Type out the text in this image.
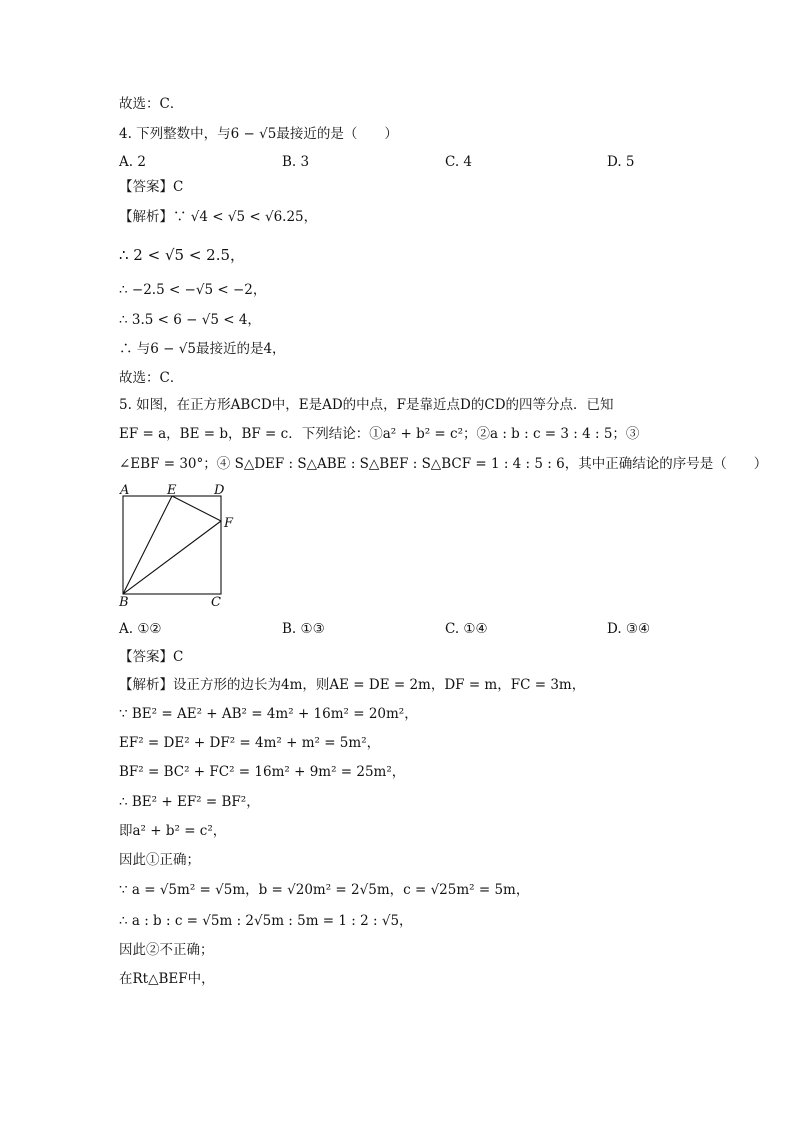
故选：C．
4. 下列整数中，与6 − √5最接近的是（　　）
A. 2	B. 3	C. 4	D. 5
【答案】C
【解析】∵ √4 < √5 < √6.25，
∴ 2 < √5 < 2.5，
∴ −2.5 < −√5 < −2，
∴ 3.5 < 6 − √5 < 4，
∴ 与6 − √5最接近的是4，
故选：C．
5. 如图，在正方形ABCD中，E是AD的中点，F是靠近点D的CD的四等分点．已知
EF = a，BE = b，BF = c．下列结论：①a² + b² = c²；②a : b : c = 3 : 4 : 5；③
∠EBF = 30°；④ S△DEF : S△ABE : S△BEF : S△BCF = 1 : 4 : 5 : 6，其中正确结论的序号是（　　）
A	E	D
F
B	C
A. ①②	B. ①③	C. ①④	D. ③④
【答案】C
【解析】设正方形的边长为4m，则AE = DE = 2m，DF = m，FC = 3m，
∵ BE² = AE² + AB² = 4m² + 16m² = 20m²，
EF² = DE² + DF² = 4m² + m² = 5m²，
BF² = BC² + FC² = 16m² + 9m² = 25m²，
∴ BE² + EF² = BF²，
即a² + b² = c²，
因此①正确；
∵ a = √5m² = √5m，b = √20m² = 2√5m，c = √25m² = 5m，
∴ a : b : c = √5m : 2√5m : 5m = 1 : 2 : √5，
因此②不正确；
在Rt△BEF中，
